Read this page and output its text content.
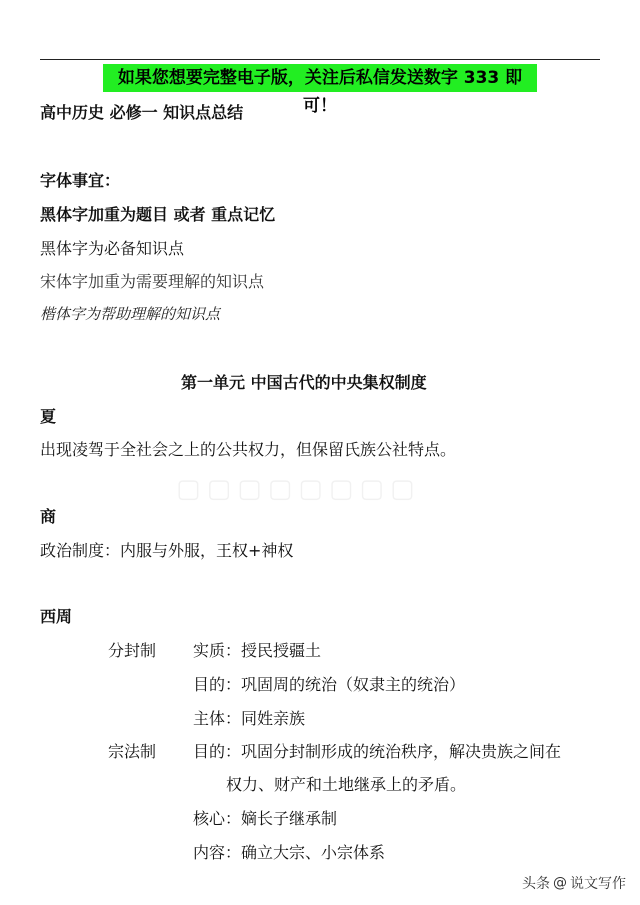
如果您想要完整电子版，关注后私信发送数字 333 即可！
高中历史 必修一 知识点总结
字体事宜：
黑体字加重为题目 或者 重点记忆
黑体字为必备知识点
宋体字加重为需要理解的知识点
楷体字为帮助理解的知识点
第一单元 中国古代的中央集权制度
夏
出现凌驾于全社会之上的公共权力，但保留氏族公社特点。
▢▢▢▢▢▢▢▢
商
政治制度：内服与外服，王权+神权
西周
分封制 实质：授民授疆土
目的：巩固周的统治（奴隶主的统治）
主体：同姓亲族
宗法制 目的：巩固分封制形成的统治秩序，解决贵族之间在
权力、财产和土地继承上的矛盾。
核心：嫡长子继承制
内容：确立大宗、小宗体系
头条 @ 说文写作
